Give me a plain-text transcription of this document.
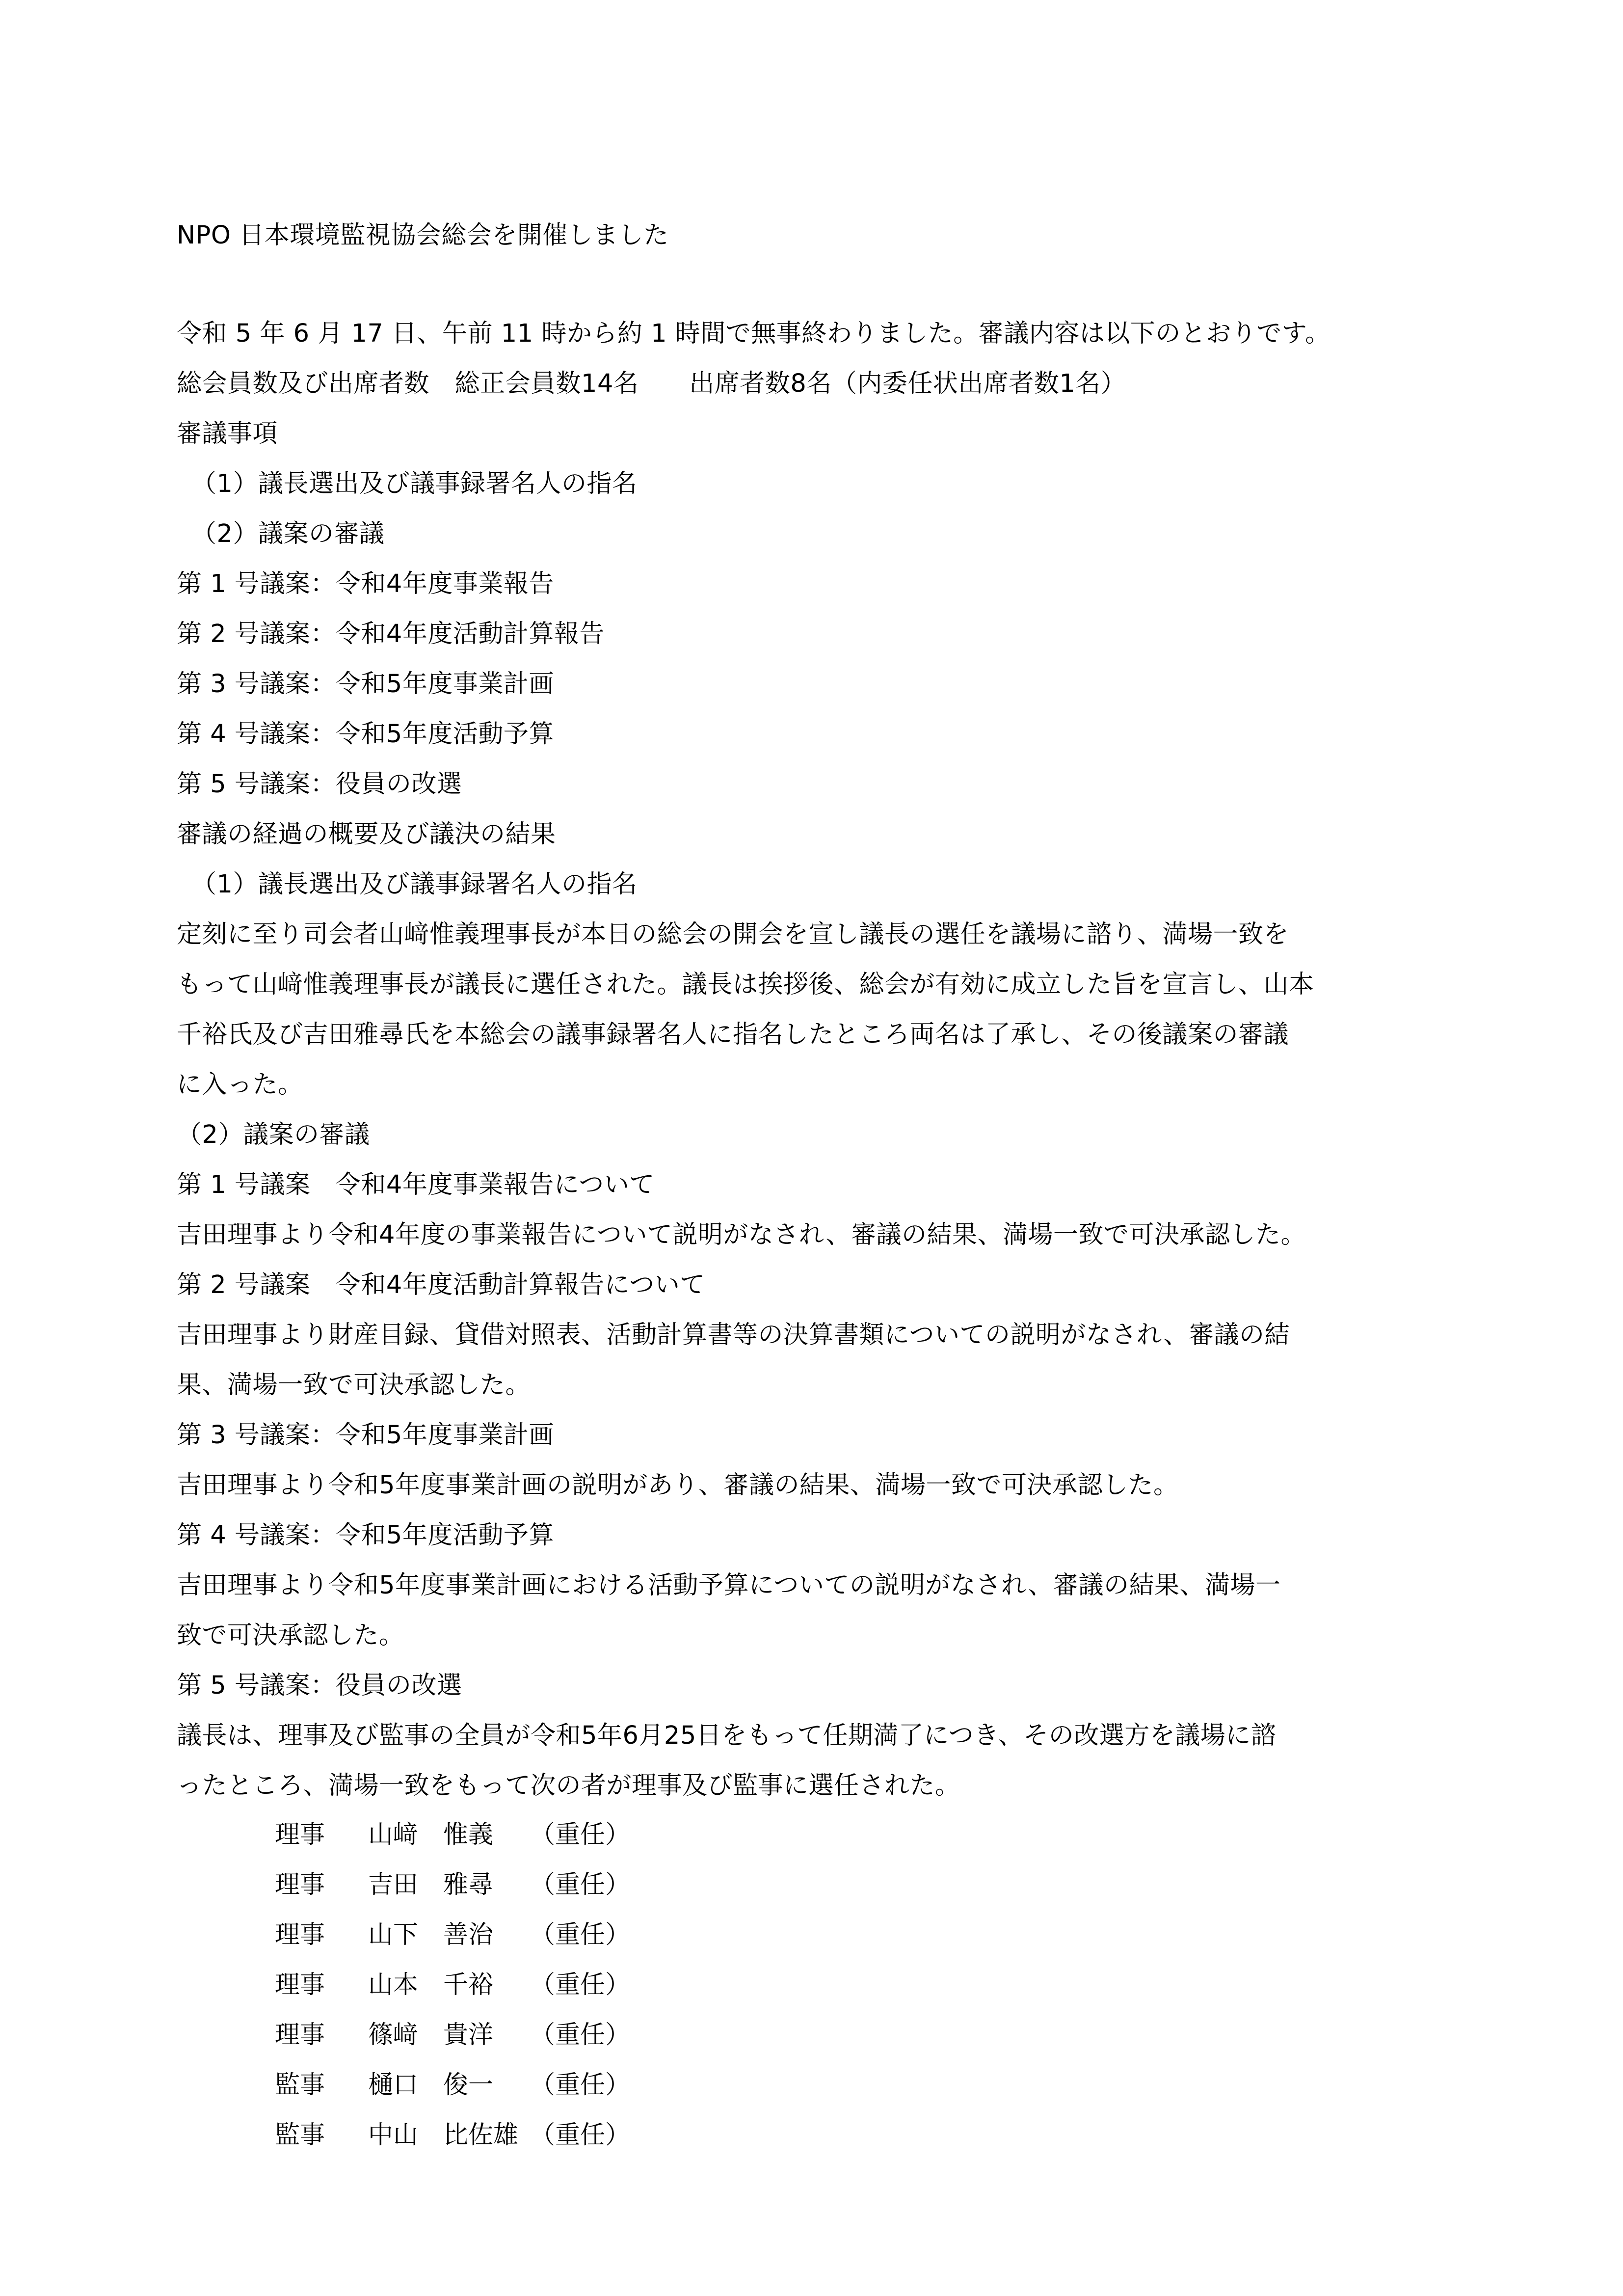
NPO 日本環境監視協会総会を開催しました
令和 5 年 6 月 17 日、午前 11 時から約 1 時間で無事終わりました。審議内容は以下のとおりです。
総会員数及び出席者数　総正会員数14名　　出席者数8名（内委任状出席者数1名）
審議事項
（1）議長選出及び議事録署名人の指名
（2）議案の審議
第 1 号議案：令和4年度事業報告
第 2 号議案：令和4年度活動計算報告
第 3 号議案：令和5年度事業計画
第 4 号議案：令和5年度活動予算
第 5 号議案：役員の改選
審議の経過の概要及び議決の結果
（1）議長選出及び議事録署名人の指名
定刻に至り司会者山﨑惟義理事長が本日の総会の開会を宣し議長の選任を議場に諮り、満場一致を
もって山﨑惟義理事長が議長に選任された。議長は挨拶後、総会が有効に成立した旨を宣言し、山本
千裕氏及び吉田雅尋氏を本総会の議事録署名人に指名したところ両名は了承し、その後議案の審議
に入った。
（2）議案の審議
第 1 号議案　令和4年度事業報告について
吉田理事より令和4年度の事業報告について説明がなされ、審議の結果、満場一致で可決承認した。
第 2 号議案　令和4年度活動計算報告について
吉田理事より財産目録、貸借対照表、活動計算書等の決算書類についての説明がなされ、審議の結
果、満場一致で可決承認した。
第 3 号議案：令和5年度事業計画
吉田理事より令和5年度事業計画の説明があり、審議の結果、満場一致で可決承認した。
第 4 号議案：令和5年度活動予算
吉田理事より令和5年度事業計画における活動予算についての説明がなされ、審議の結果、満場一
致で可決承認した。
第 5 号議案：役員の改選
議長は、理事及び監事の全員が令和5年6月25日をもって任期満了につき、その改選方を議場に諮
ったところ、満場一致をもって次の者が理事及び監事に選任された。
理事 山﨑　惟義 （重任）
理事 吉田　雅尋 （重任）
理事 山下　善治 （重任）
理事 山本　千裕 （重任）
理事 篠﨑　貴洋 （重任）
監事 樋口　俊一 （重任）
監事 中山　比佐雄 （重任）
